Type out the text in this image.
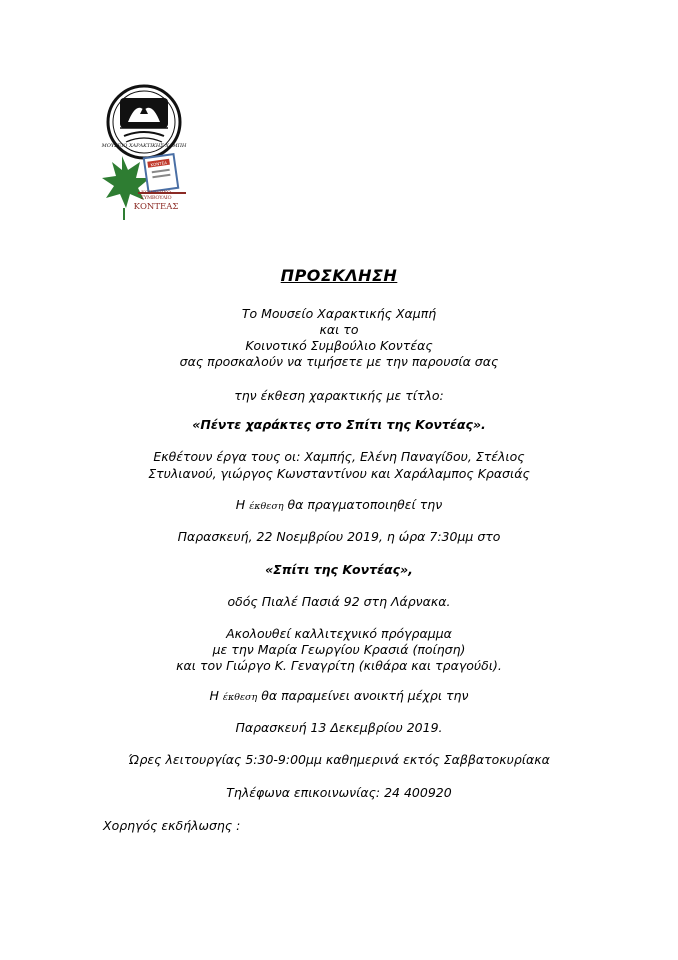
ΜΟΥΣΕΙΟ ΧΑΡΑΚΤΙΚΗΣ ΧΑΜΠΗ
ΚΟΝΤΕΑ
ΚΟΙΝΟΤΙΚΟ ΣΥΜΒΟΥΛΙΟ
ΚΟΝΤΕΑΣ
ΠΡΟΣΚΛΗΣΗ
Το Μουσείο Χαρακτικής Χαμπή
και το
Κοινοτικό Συμβούλιο Κοντέας
σας προσκαλούν να τιμήσετε με την παρουσία σας
την έκθεση χαρακτικής με τίτλο:
«Πέντε χαράκτες στο Σπίτι της Κοντέας».
Εκθέτουν έργα τους οι: Χαμπής, Ελένη Παναγίδου, Στέλιος
Στυλιανού, γιώργος Κωνσταντίνου και Χαράλαμπος Κρασιάς
Η έκθεση θα πραγματοποιηθεί την
Παρασκευή, 22 Νοεμβρίου 2019, η ώρα 7:30μμ στο
«Σπίτι της Κοντέας»,
οδός Πιαλέ Πασιά 92 στη Λάρνακα.
Ακολουθεί καλλιτεχνικό πρόγραμμα
με την Μαρία Γεωργίου Κρασιά (ποίηση)
και τον Γιώργο Κ. Γεναγρίτη (κιθάρα και τραγούδι).
Η έκθεση θα παραμείνει ανοικτή μέχρι την
Παρασκευή 13 Δεκεμβρίου 2019.
Ώρες λειτουργίας 5:30-9:00μμ καθημερινά εκτός Σαββατοκυρίακα
Τηλέφωνα επικοινωνίας: 24 400920
Χορηγός εκδήλωσης :
